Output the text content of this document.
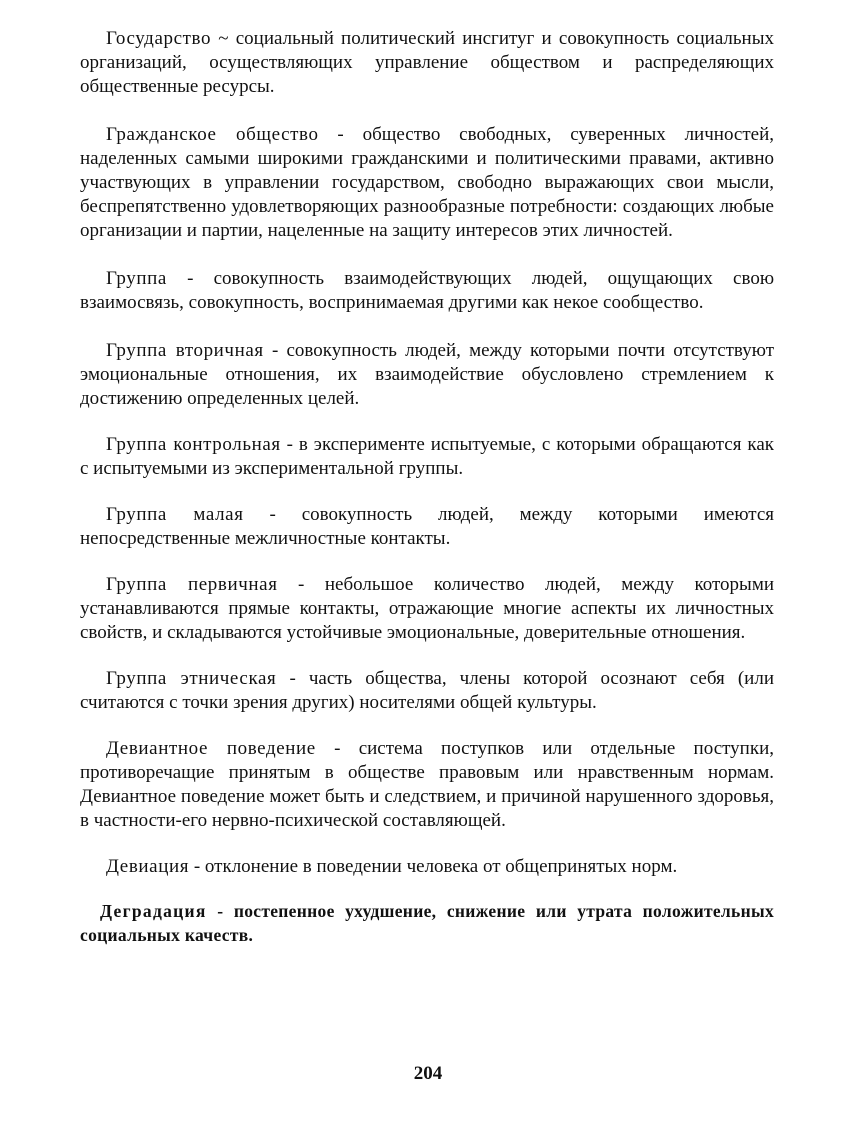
Государство ~ социальный политический инсгитуг и совокупность социальных организаций, осуществляющих управление обществом и распределяющих общественные ресурсы.

Гражданское общество - общество свободных, суверенных личностей, наделенных самыми широкими гражданскими и политическими правами, активно участвующих в управлении государством, свободно выражающих свои мысли, беспрепятственно удовлетворяющих разнообразные потребности: создающих любые организации и партии, нацеленные на защиту интересов этих личностей.

Группа - совокупность взаимодействующих людей, ощущающих свою взаимосвязь, совокупность, воспринимаемая другими как некое сообщество.

Группа вторичная - совокупность людей, между которыми почти отсутствуют эмоциональные отношения, их взаимодействие обусловлено стремлением к достижению определенных целей.

Группа контрольная - в эксперименте испытуемые, с которыми обращаются как с испытуемыми из экспериментальной группы.

Группа малая - совокупность людей, между которыми имеются непосредственные межличностные контакты.

Группа первичная - небольшое количество людей, между которыми устанавливаются прямые контакты, отражающие многие аспекты их личностных свойств, и складываются устойчивые эмоциональные, доверительные отношения.

Группа этническая - часть общества, члены которой осознают себя (или считаются с точки зрения других) носителями общей культуры.

Девиантное поведение - система поступков или отдельные поступки, противоречащие принятым в обществе правовым или нравственным нормам. Девиантное поведение может быть и следствием, и причиной нарушенного здоровья, в частности-его нервно-психической составляющей.

Девиация - отклонение в поведении человека от общепринятых норм.

Деградация - постепенное ухудшение, снижение или утрата положительных социальных качеств.

204
